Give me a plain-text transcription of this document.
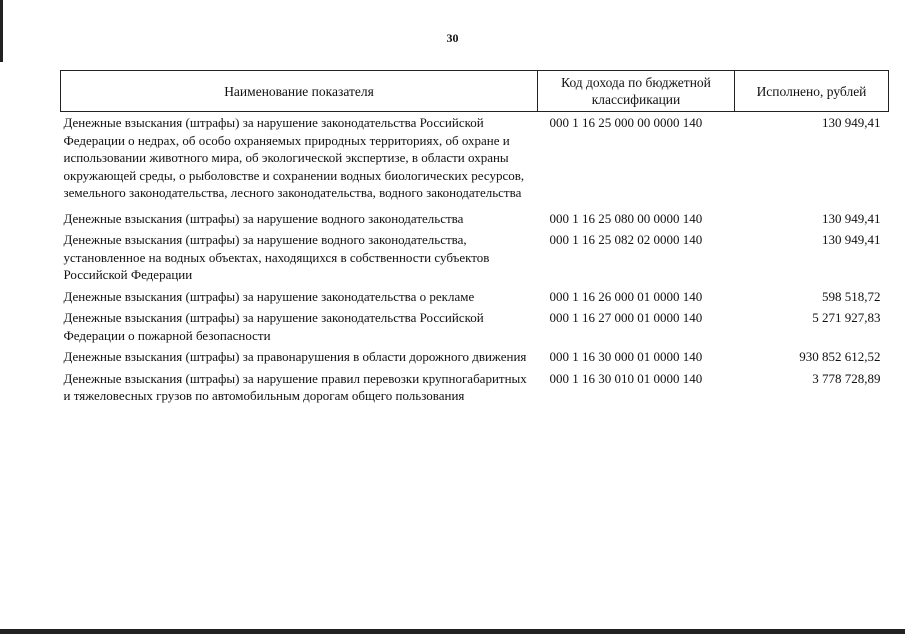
30
Наименование показателя	Код дохода по бюджетной классификации	Исполнено, рублей
Денежные взыскания (штрафы) за нарушение законодательства Российской Федерации о недрах, об особо охраняемых природных территориях, об охране и использовании животного мира, об экологической экспертизе, в области охраны окружающей среды, о рыболовстве и сохранении водных биологических ресурсов, земельного законодательства, лесного законодательства, водного законодательства	000 1 16 25 000 00 0000 140	130 949,41
Денежные взыскания (штрафы) за нарушение водного законодательства	000 1 16 25 080 00 0000 140	130 949,41
Денежные взыскания (штрафы) за нарушение водного законодательства, установленное на водных объектах, находящихся в собственности субъектов Российской Федерации	000 1 16 25 082 02 0000 140	130 949,41
Денежные взыскания (штрафы) за нарушение законодательства о рекламе	000 1 16 26 000 01 0000 140	598 518,72
Денежные взыскания (штрафы) за нарушение законодательства Российской Федерации о пожарной безопасности	000 1 16 27 000 01 0000 140	5 271 927,83
Денежные взыскания (штрафы) за правонарушения в области дорожного движения	000 1 16 30 000 01 0000 140	930 852 612,52
Денежные взыскания (штрафы) за нарушение правил перевозки крупногабаритных и тяжеловесных грузов по автомобильным дорогам общего пользования	000 1 16 30 010 01 0000 140	3 778 728,89
